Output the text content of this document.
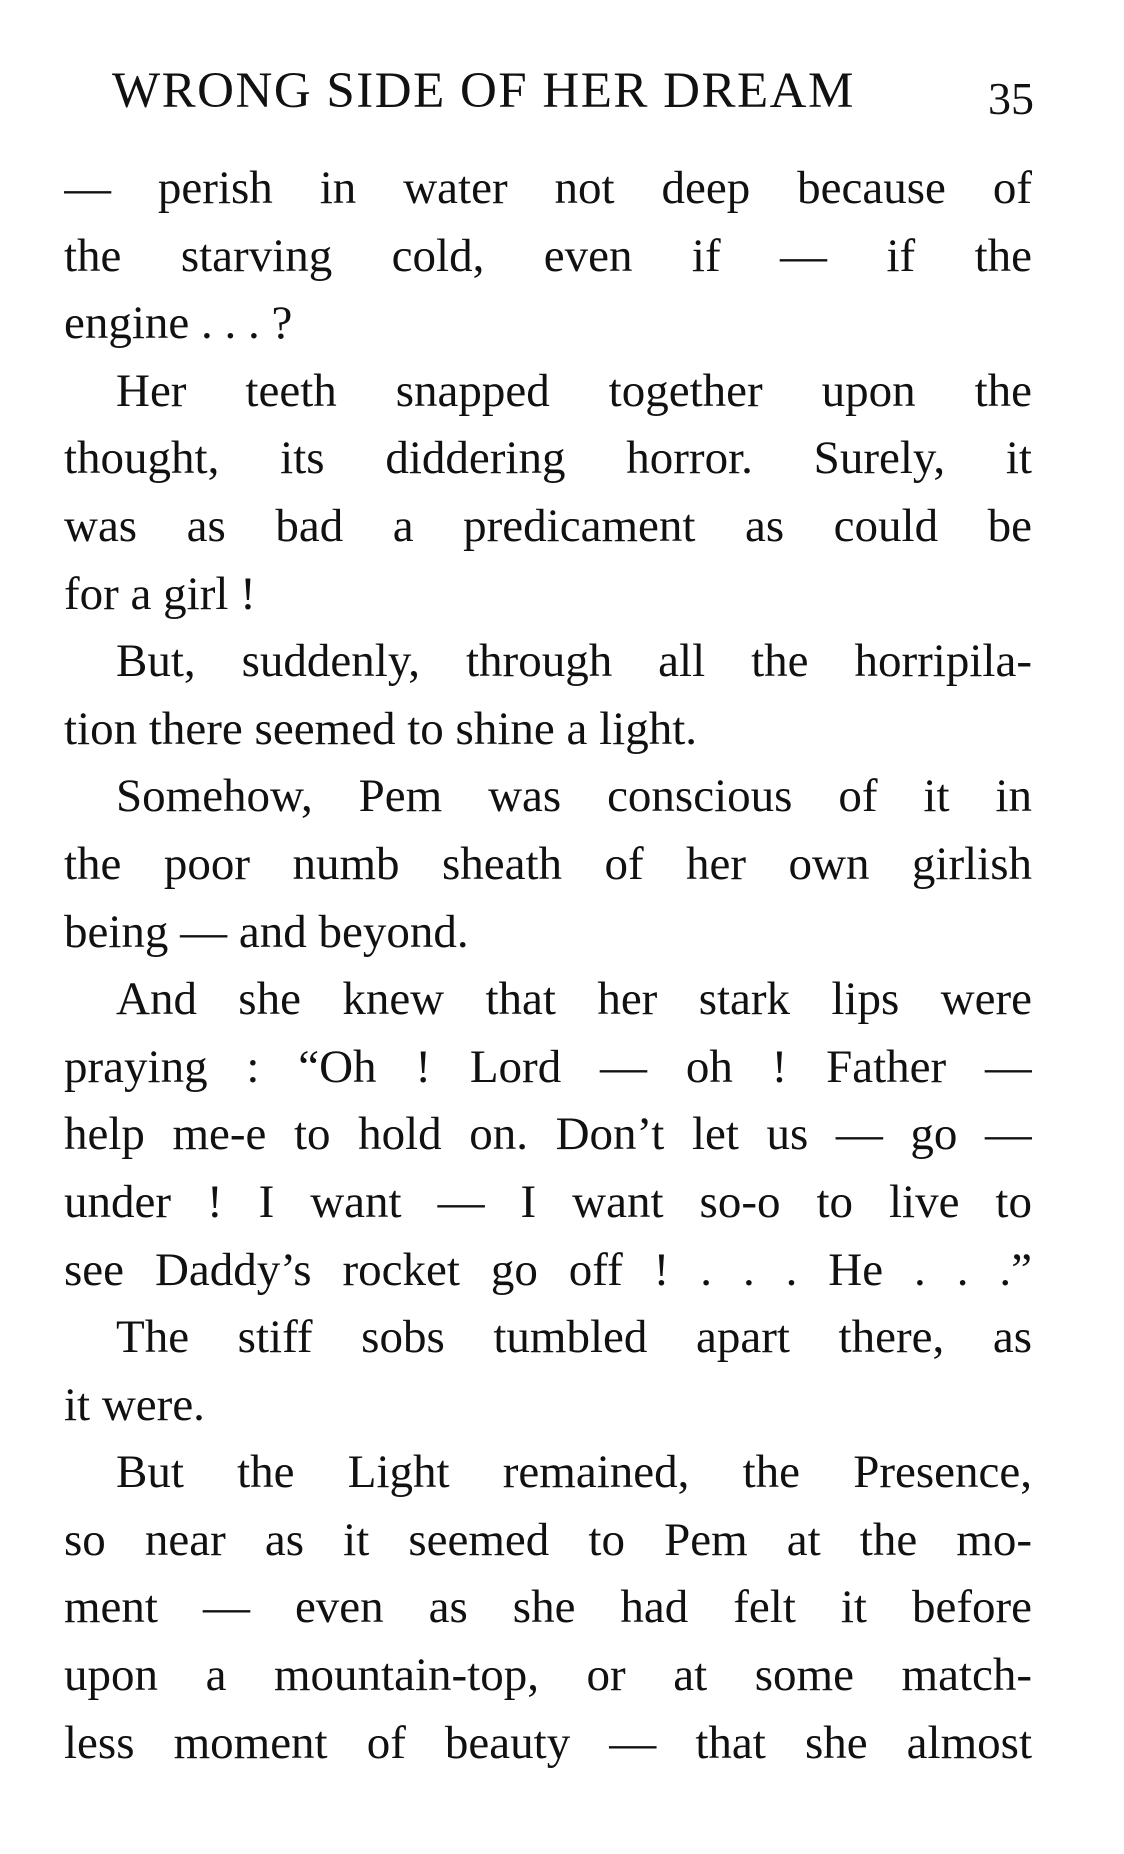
WRONG SIDE OF HER DREAM	35
— perish in water not deep because of
the starving cold, even if — if the
engine . . . ?
Her teeth snapped together upon the
thought, its diddering horror. Surely, it
was as bad a predicament as could be
for a girl !
But, suddenly, through all the horripila-
tion there seemed to shine a light.
Somehow, Pem was conscious of it in
the poor numb sheath of her own girlish
being — and beyond.
And she knew that her stark lips were
praying : “Oh ! Lord — oh ! Father —
help me-e to hold on. Don’t let us — go —
under ! I want — I want so-o to live to
see Daddy’s rocket go off ! . . . He . . .”
The stiff sobs tumbled apart there, as
it were.
But the Light remained, the Presence,
so near as it seemed to Pem at the mo-
ment — even as she had felt it before
upon a mountain-top, or at some match-
less moment of beauty — that she almost
